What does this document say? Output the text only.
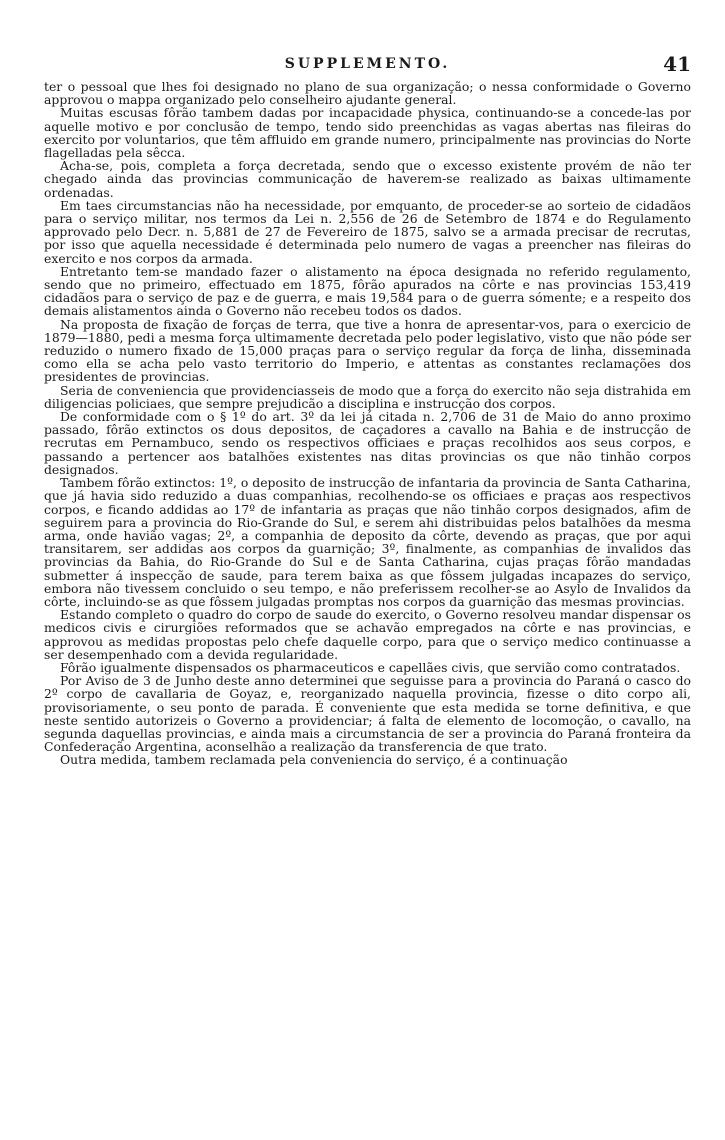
SUPPLEMENTO.	41

ter o pessoal que lhes foi designado no plano de sua organização; o nessa conformidade o Governo approvou o mappa organizado pelo conselheiro ajudante general.

Muitas escusas fôrão tambem dadas por incapacidade physica, continuando-se a concede-las por aquelle motivo e por conclusão de tempo, tendo sido preenchidas as vagas abertas nas fileiras do exercito por voluntarios, que têm affluido em grande numero, principalmente nas provincias do Norte flagelladas pela sêcca.

Acha-se, pois, completa a força decretada, sendo que o excesso existente provém de não ter chegado ainda das provincias communicação de haverem-se realizado as baixas ultimamente ordenadas.

Em taes circumstancias não ha necessidade, por emquanto, de proceder-se ao sorteio de cidadãos para o serviço militar, nos termos da Lei n. 2,556 de 26 de Setembro de 1874 e do Regulamento approvado pelo Decr. n. 5,881 de 27 de Fevereiro de 1875, salvo se a armada precisar de recrutas, por isso que aquella necessidade é determinada pelo numero de vagas a preencher nas fileiras do exercito e nos corpos da armada.

Entretanto tem-se mandado fazer o alistamento na época designada no referido regulamento, sendo que no primeiro, effectuado em 1875, fôrão apurados na côrte e nas provincias 153,419 cidadãos para o serviço de paz e de guerra, e mais 19,584 para o de guerra sómente; e a respeito dos demais alistamentos ainda o Governo não recebeu todos os dados.

Na proposta de fixação de forças de terra, que tive a honra de apresentar-vos, para o exercicio de 1879—1880, pedi a mesma força ultimamente decretada pelo poder legislativo, visto que não póde ser reduzido o numero fixado de 15,000 praças para o serviço regular da força de linha, disseminada como ella se acha pelo vasto territorio do Imperio, e attentas as constantes reclamações dos presidentes de provincias.

Seria de conveniencia que providenciasseis de modo que a força do exercito não seja distrahida em diligencias policiaes, que sempre prejudicão a disciplina e instrucção dos corpos.

De conformidade com o § 1º do art. 3º da lei já citada n. 2,706 de 31 de Maio do anno proximo passado, fôrão extinctos os dous depositos, de caçadores a cavallo na Bahia e de instrucção de recrutas em Pernambuco, sendo os respectivos officiaes e praças recolhidos aos seus corpos, e passando a pertencer aos batalhões existentes nas ditas provincias os que não tinhão corpos designados.

Tambem fôrão extinctos: 1º, o deposito de instrucção de infantaria da provincia de Santa Catharina, que já havia sido reduzido a duas companhias, recolhendo-se os officiaes e praças aos respectivos corpos, e ficando addidas ao 17º de infantaria as praças que não tinhão corpos designados, afim de seguirem para a provincia do Rio-Grande do Sul, e serem ahi distribuidas pelos batalhões da mesma arma, onde havião vagas; 2º, a companhia de deposito da côrte, devendo as praças, que por aqui transitarem, ser addidas aos corpos da guarnição; 3º, finalmente, as companhias de invalidos das provincias da Bahia, do Rio-Grande do Sul e de Santa Catharina, cujas praças fôrão mandadas submetter á inspecção de saude, para terem baixa as que fôssem julgadas incapazes do serviço, embora não tivessem concluido o seu tempo, e não preferissem recolher-se ao Asylo de Invalidos da côrte, incluindo-se as que fôssem julgadas promptas nos corpos da guarnição das mesmas provincias.

Estando completo o quadro do corpo de saude do exercito, o Governo resolveu mandar dispensar os medicos civis e cirurgiões reformados que se achavão empregados na côrte e nas provincias, e approvou as medidas propostas pelo chefe daquelle corpo, para que o serviço medico continuasse a ser desempenhado com a devida regularidade.

Fôrão igualmente dispensados os pharmaceuticos e capellães civis, que servião como contratados.

Por Aviso de 3 de Junho deste anno determinei que seguisse para a provincia do Paraná o casco do 2º corpo de cavallaria de Goyaz, e, reorganizado naquella provincia, fizesse o dito corpo ali, provisoriamente, o seu ponto de parada. É conveniente que esta medida se torne definitiva, e que neste sentido autorizeis o Governo a providenciar; á falta de elemento de locomoção, o cavallo, na segunda daquellas provincias, e ainda mais a circumstancia de ser a provincia do Paraná fronteira da Confederação Argentina, aconselhão a realização da transferencia de que trato.

Outra medida, tambem reclamada pela conveniencia do serviço, é a continuação
